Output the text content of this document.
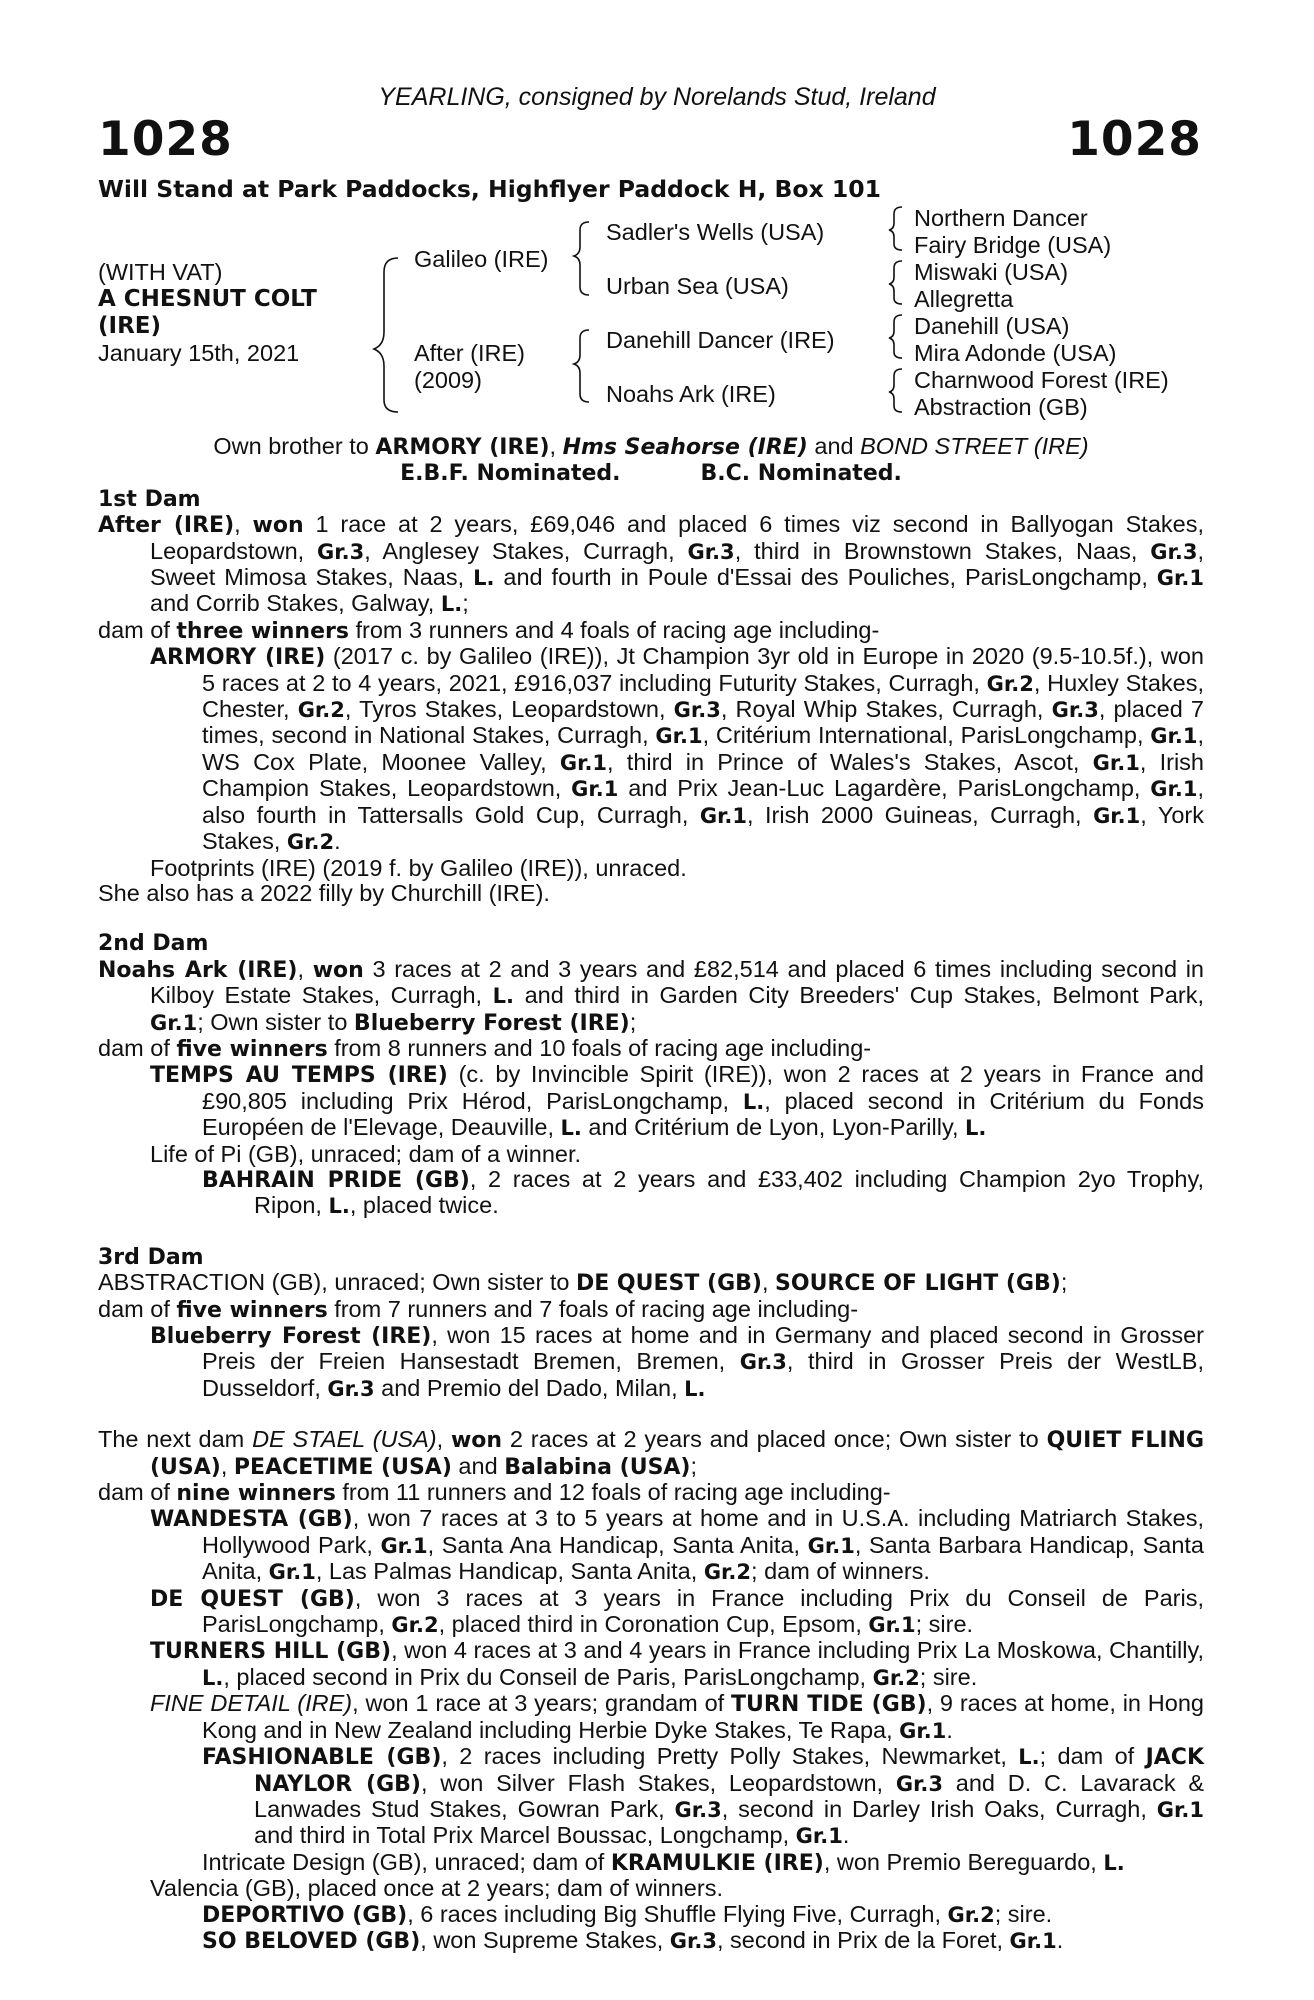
YEARLING, consigned by Norelands Stud, Ireland
1028	1028
Will Stand at Park Paddocks, Highflyer Paddock H, Box 101
(WITH VAT)
A CHESNUT COLT
(IRE)
January 15th, 2021
Galileo (IRE)
After (IRE)
(2009)
Sadler's Wells (USA)
Urban Sea (USA)
Danehill Dancer (IRE)
Noahs Ark (IRE)
Northern Dancer
Fairy Bridge (USA)
Miswaki (USA)
Allegretta
Danehill (USA)
Mira Adonde (USA)
Charnwood Forest (IRE)
Abstraction (GB)

Own brother to ARMORY (IRE), Hms Seahorse (IRE) and BOND STREET (IRE)

E.B.F. Nominated.	B.C. Nominated.

1st Dam

After (IRE), won 1 race at 2 years, £69,046 and placed 6 times viz second in Ballyogan Stakes, Leopardstown, Gr.3, Anglesey Stakes, Curragh, Gr.3, third in Brownstown Stakes, Naas, Gr.3, Sweet Mimosa Stakes, Naas, L. and fourth in Poule d'Essai des Pouliches, ParisLongchamp, Gr.1 and Corrib Stakes, Galway, L.;

dam of three winners from 3 runners and 4 foals of racing age including-

ARMORY (IRE) (2017 c. by Galileo (IRE)), Jt Champion 3yr old in Europe in 2020 (9.5-10.5f.), won 5 races at 2 to 4 years, 2021, £916,037 including Futurity Stakes, Curragh, Gr.2, Huxley Stakes, Chester, Gr.2, Tyros Stakes, Leopardstown, Gr.3, Royal Whip Stakes, Curragh, Gr.3, placed 7 times, second in National Stakes, Curragh, Gr.1, Critérium International, ParisLongchamp, Gr.1, WS Cox Plate, Moonee Valley, Gr.1, third in Prince of Wales's Stakes, Ascot, Gr.1, Irish Champion Stakes, Leopardstown, Gr.1 and Prix Jean-Luc Lagardère, ParisLongchamp, Gr.1, also fourth in Tattersalls Gold Cup, Curragh, Gr.1, Irish 2000 Guineas, Curragh, Gr.1, York Stakes, Gr.2.

Footprints (IRE) (2019 f. by Galileo (IRE)), unraced.

She also has a 2022 filly by Churchill (IRE).

2nd Dam

Noahs Ark (IRE), won 3 races at 2 and 3 years and £82,514 and placed 6 times including second in Kilboy Estate Stakes, Curragh, L. and third in Garden City Breeders' Cup Stakes, Belmont Park, Gr.1; Own sister to Blueberry Forest (IRE);

dam of five winners from 8 runners and 10 foals of racing age including-

TEMPS AU TEMPS (IRE) (c. by Invincible Spirit (IRE)), won 2 races at 2 years in France and £90,805 including Prix Hérod, ParisLongchamp, L., placed second in Critérium du Fonds Européen de l'Elevage, Deauville, L. and Critérium de Lyon, Lyon-Parilly, L.

Life of Pi (GB), unraced; dam of a winner.

BAHRAIN PRIDE (GB), 2 races at 2 years and £33,402 including Champion 2yo Trophy, Ripon, L., placed twice.

3rd Dam

ABSTRACTION (GB), unraced; Own sister to DE QUEST (GB), SOURCE OF LIGHT (GB);

dam of five winners from 7 runners and 7 foals of racing age including-

Blueberry Forest (IRE), won 15 races at home and in Germany and placed second in Grosser Preis der Freien Hansestadt Bremen, Bremen, Gr.3, third in Grosser Preis der WestLB, Dusseldorf, Gr.3 and Premio del Dado, Milan, L.

The next dam DE STAEL (USA), won 2 races at 2 years and placed once; Own sister to QUIET FLING (USA), PEACETIME (USA) and Balabina (USA);

dam of nine winners from 11 runners and 12 foals of racing age including-

WANDESTA (GB), won 7 races at 3 to 5 years at home and in U.S.A. including Matriarch Stakes, Hollywood Park, Gr.1, Santa Ana Handicap, Santa Anita, Gr.1, Santa Barbara Handicap, Santa Anita, Gr.1, Las Palmas Handicap, Santa Anita, Gr.2; dam of winners.

DE QUEST (GB), won 3 races at 3 years in France including Prix du Conseil de Paris, ParisLongchamp, Gr.2, placed third in Coronation Cup, Epsom, Gr.1; sire.

TURNERS HILL (GB), won 4 races at 3 and 4 years in France including Prix La Moskowa, Chantilly, L., placed second in Prix du Conseil de Paris, ParisLongchamp, Gr.2; sire.

FINE DETAIL (IRE), won 1 race at 3 years; grandam of TURN TIDE (GB), 9 races at home, in Hong Kong and in New Zealand including Herbie Dyke Stakes, Te Rapa, Gr.1.

FASHIONABLE (GB), 2 races including Pretty Polly Stakes, Newmarket, L.; dam of JACK NAYLOR (GB), won Silver Flash Stakes, Leopardstown, Gr.3 and D. C. Lavarack & Lanwades Stud Stakes, Gowran Park, Gr.3, second in Darley Irish Oaks, Curragh, Gr.1 and third in Total Prix Marcel Boussac, Longchamp, Gr.1.

Intricate Design (GB), unraced; dam of KRAMULKIE (IRE), won Premio Bereguardo, L.

Valencia (GB), placed once at 2 years; dam of winners.

DEPORTIVO (GB), 6 races including Big Shuffle Flying Five, Curragh, Gr.2; sire.

SO BELOVED (GB), won Supreme Stakes, Gr.3, second in Prix de la Foret, Gr.1.
